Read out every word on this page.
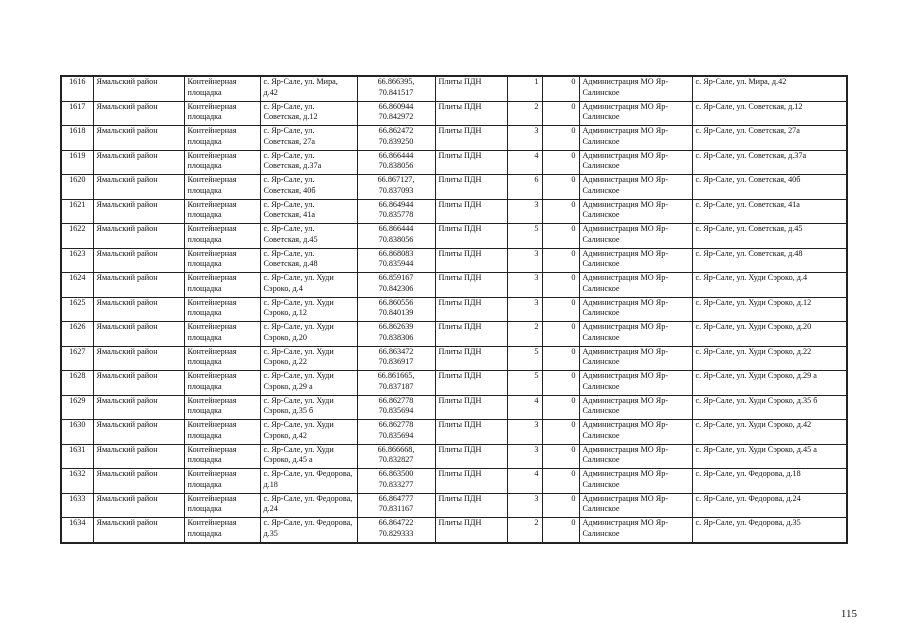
1616	Ямальский район	Контейнерная площадка	с. Яр-Сале, ул. Мира, д.42	66.866395, 70.841517	Плиты ПДН	1	0	Администрация МО Яр-Салинское	с. Яр-Сале, ул. Мира, д.42
1617	Ямальский район	Контейнерная площадка	с. Яр-Сале, ул. Советская, д.12	66.860944 70.842972	Плиты ПДН	2	0	Администрация МО Яр-Салинское	с. Яр-Сале, ул. Советская, д.12
1618	Ямальский район	Контейнерная площадка	с. Яр-Сале, ул. Советская, 27а	66.862472 70.839250	Плиты ПДН	3	0	Администрация МО Яр-Салинское	с. Яр-Сале, ул. Советская, 27а
1619	Ямальский район	Контейнерная площадка	с. Яр-Сале, ул. Советская, д.37а	66.866444 70.838056	Плиты ПДН	4	0	Администрация МО Яр-Салинское	с. Яр-Сале, ул. Советская, д.37а
1620	Ямальский район	Контейнерная площадка	с. Яр-Сале, ул. Советская, 40б	66.867127, 70.837093	Плиты ПДН	6	0	Администрация МО Яр-Салинское	с. Яр-Сале, ул. Советская, 40б
1621	Ямальский район	Контейнерная площадка	с. Яр-Сале, ул. Советская, 41а	66.864944 70.835778	Плиты ПДН	3	0	Администрация МО Яр-Салинское	с. Яр-Сале, ул. Советская, 41а
1622	Ямальский район	Контейнерная площадка	с. Яр-Сале, ул. Советская, д.45	66.866444 70.838056	Плиты ПДН	5	0	Администрация МО Яр-Салинское	с. Яр-Сале, ул. Советская, д.45
1623	Ямальский район	Контейнерная площадка	с. Яр-Сале, ул. Советская, д.48	66.868083 70.835944	Плиты ПДН	3	0	Администрация МО Яр-Салинское	с. Яр-Сале, ул. Советская, д.48
1624	Ямальский район	Контейнерная площадка	с. Яр-Сале, ул. Худи Сэроко, д.4	66.859167 70.842306	Плиты ПДН	3	0	Администрация МО Яр-Салинское	с. Яр-Сале, ул. Худи Сэроко, д.4
1625	Ямальский район	Контейнерная площадка	с. Яр-Сале, ул. Худи Сэроко, д.12	66.860556 70.840139	Плиты ПДН	3	0	Администрация МО Яр-Салинское	с. Яр-Сале, ул. Худи Сэроко, д.12
1626	Ямальский район	Контейнерная площадка	с. Яр-Сале, ул. Худи Сэроко, д.20	66.862639 70.838306	Плиты ПДН	2	0	Администрация МО Яр-Салинское	с. Яр-Сале, ул. Худи Сэроко, д.20
1627	Ямальский район	Контейнерная площадка	с. Яр-Сале, ул. Худи Сэроко, д.22	66.863472 70.836917	Плиты ПДН	5	0	Администрация МО Яр-Салинское	с. Яр-Сале, ул. Худи Сэроко, д.22
1628	Ямальский район	Контейнерная площадка	с. Яр-Сале, ул. Худи Сэроко, д.29 а	66.861665, 70.837187	Плиты ПДН	5	0	Администрация МО Яр-Салинское	с. Яр-Сале, ул. Худи Сэроко, д.29 а
1629	Ямальский район	Контейнерная площадка	с. Яр-Сале, ул. Худи Сэроко, д.35 б	66.862778 70.835694	Плиты ПДН	4	0	Администрация МО Яр-Салинское	с. Яр-Сале, ул. Худи Сэроко, д.35 б
1630	Ямальский район	Контейнерная площадка	с. Яр-Сале, ул. Худи Сэроко, д.42	66.862778 70.835694	Плиты ПДН	3	0	Администрация МО Яр-Салинское	с. Яр-Сале, ул. Худи Сэроко, д.42
1631	Ямальский район	Контейнерная площадка	с. Яр-Сале, ул. Худи Сэроко, д.45 а	66.866668, 70.832827	Плиты ПДН	3	0	Администрация МО Яр-Салинское	с. Яр-Сале, ул. Худи Сэроко, д.45 а
1632	Ямальский район	Контейнерная площадка	с. Яр-Сале, ул. Федорова, д.18	66.863500 70.833277	Плиты ПДН	4	0	Администрация МО Яр-Салинское	с. Яр-Сале, ул. Федорова, д.18
1633	Ямальский район	Контейнерная площадка	с. Яр-Сале, ул. Федорова, д.24	66.864777 70.831167	Плиты ПДН	3	0	Администрация МО Яр-Салинское	с. Яр-Сале, ул. Федорова, д.24
1634	Ямальский район	Контейнерная площадка	с. Яр-Сале, ул. Федорова, д.35	66.864722 70.829333	Плиты ПДН	2	0	Администрация МО Яр-Салинское	с. Яр-Сале, ул. Федорова, д.35
115
